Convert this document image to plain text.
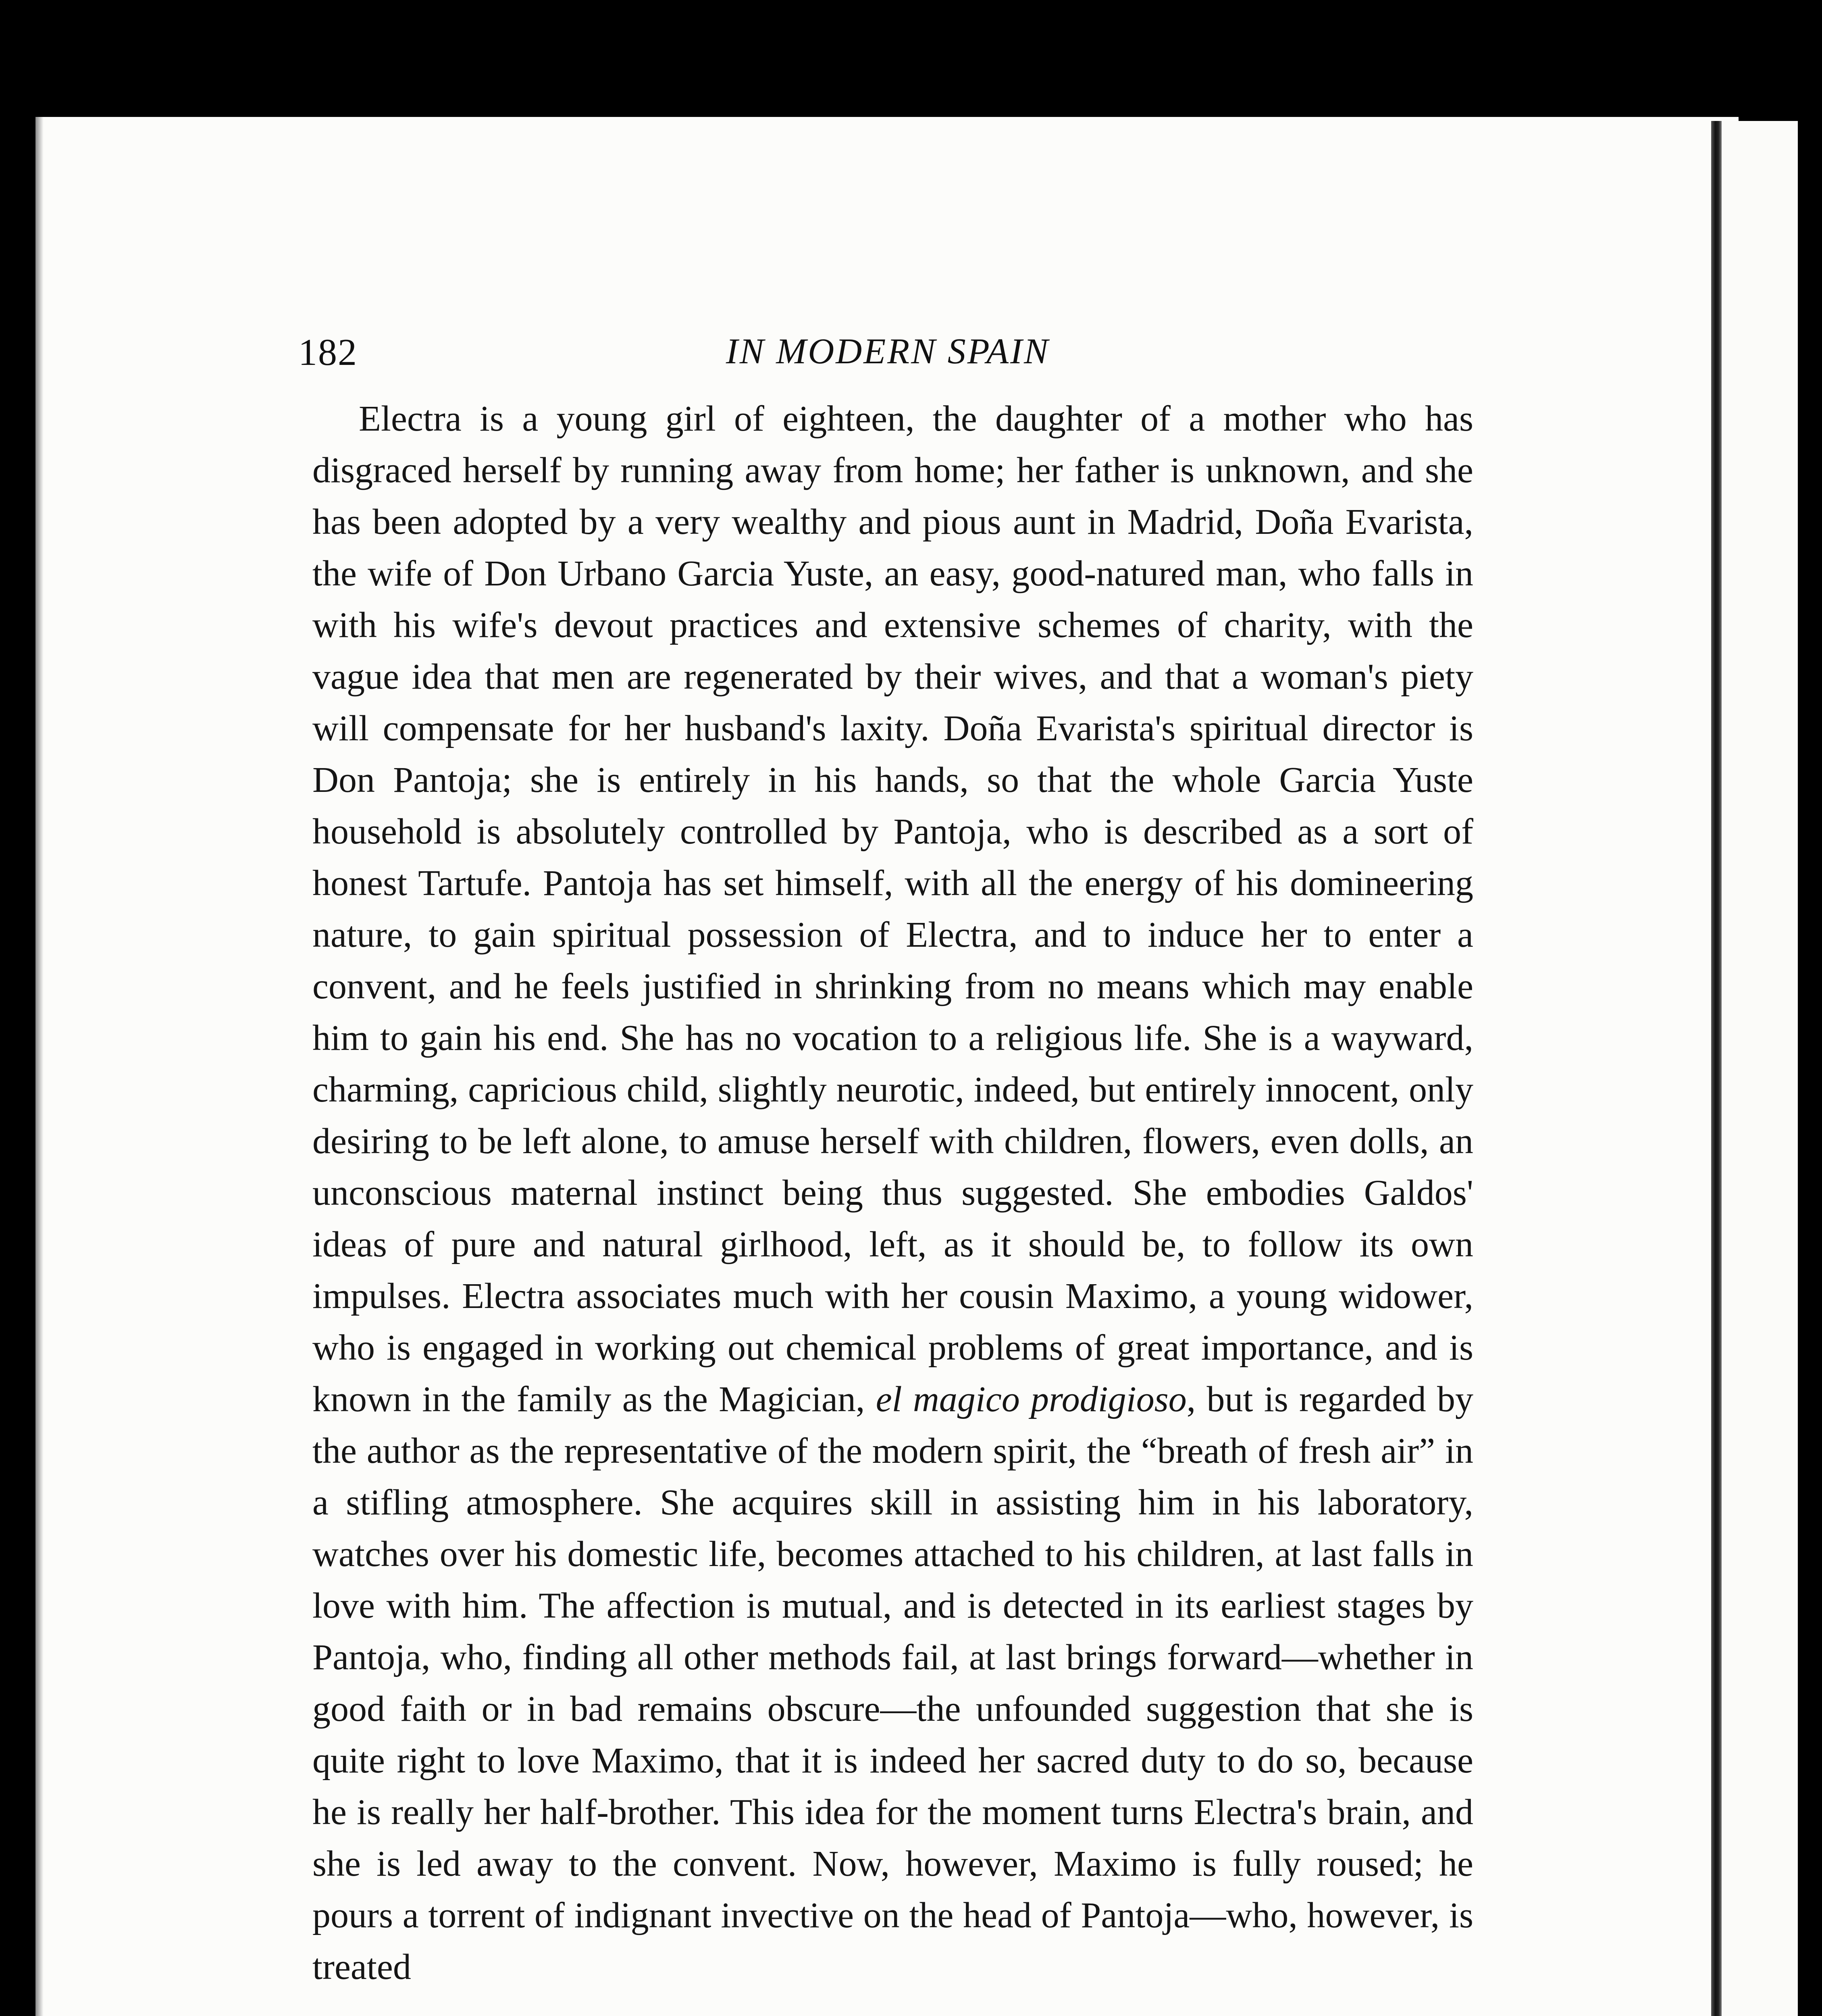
182	IN MODERN SPAIN

Electra is a young girl of eighteen, the daughter of a mother who has disgraced herself by running away from home; her father is unknown, and she has been adopted by a very wealthy and pious aunt in Madrid, Doña Evarista, the wife of Don Urbano Garcia Yuste, an easy, good-natured man, who falls in with his wife's devout practices and extensive schemes of charity, with the vague idea that men are regenerated by their wives, and that a woman's piety will compensate for her husband's laxity. Doña Evarista's spiritual director is Don Pantoja; she is entirely in his hands, so that the whole Garcia Yuste household is absolutely controlled by Pantoja, who is described as a sort of honest Tartufe. Pantoja has set himself, with all the energy of his domineering nature, to gain spiritual possession of Electra, and to induce her to enter a convent, and he feels justified in shrinking from no means which may enable him to gain his end. She has no vocation to a religious life. She is a wayward, charming, capricious child, slightly neurotic, indeed, but entirely innocent, only desiring to be left alone, to amuse herself with children, flowers, even dolls, an unconscious maternal instinct being thus suggested. She embodies Galdos' ideas of pure and natural girlhood, left, as it should be, to follow its own impulses. Electra associates much with her cousin Maximo, a young widower, who is engaged in working out chemical problems of great importance, and is known in the family as the Magician, el magico prodigioso, but is regarded by the author as the representative of the modern spirit, the “breath of fresh air” in a stifling atmosphere. She acquires skill in assisting him in his laboratory, watches over his domestic life, becomes attached to his children, at last falls in love with him. The affection is mutual, and is detected in its earliest stages by Pantoja, who, finding all other methods fail, at last brings forward—whether in good faith or in bad remains obscure—the unfounded suggestion that she is quite right to love Maximo, that it is indeed her sacred duty to do so, because he is really her half-brother. This idea for the moment turns Electra's brain, and she is led away to the convent. Now, however, Maximo is fully roused; he pours a torrent of indignant invective on the head of Pantoja—who, however, is treated
